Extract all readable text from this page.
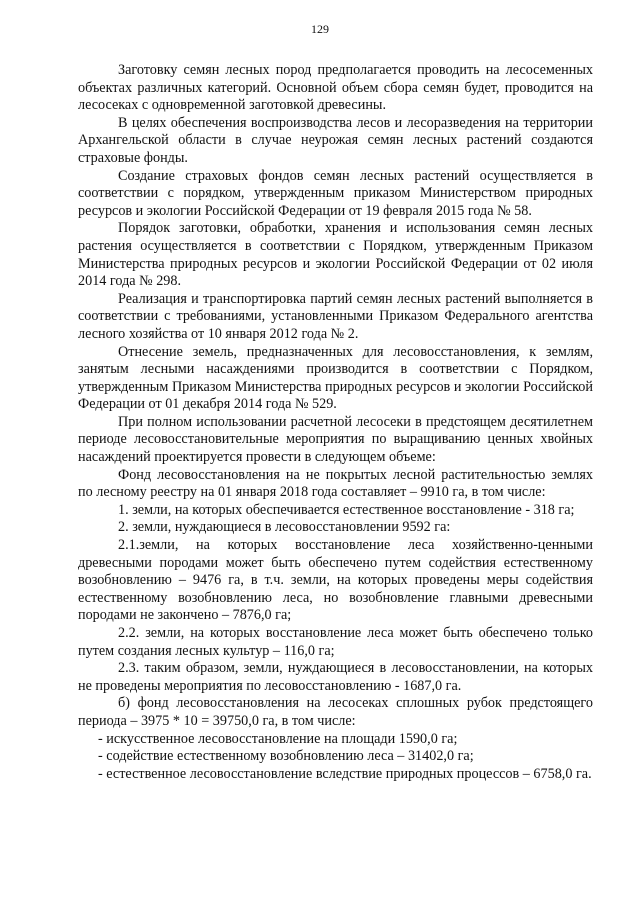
129

Заготовку семян лесных пород предполагается проводить на лесосеменных объектах различных категорий. Основной объем сбора семян будет, проводится на лесосеках с одновременной заготовкой древесины.

В целях обеспечения воспроизводства лесов и лесоразведения на территории Архангельской области в случае неурожая семян лесных растений создаются страховые фонды.

Создание страховых фондов семян лесных растений осуществляется в соответствии с порядком, утвержденным приказом Министерством природных ресурсов и экологии Российской Федерации от 19 февраля 2015 года № 58.

Порядок заготовки, обработки, хранения и использования семян лесных растения осуществляется в соответствии с Порядком, утвержденным Приказом Министерства природных ресурсов и экологии Российской Федерации от 02 июля 2014 года № 298.

Реализация и транспортировка партий семян лесных растений выполняется в соответствии с требованиями, установленными Приказом Федерального агентства лесного хозяйства от 10 января 2012 года № 2.

Отнесение земель, предназначенных для лесовосстановления, к землям, занятым лесными насаждениями производится в соответствии с Порядком, утвержденным Приказом Министерства природных ресурсов и экологии Российской Федерации от 01 декабря 2014 года № 529.

При полном использовании расчетной лесосеки в предстоящем десятилетнем периоде лесовосстановительные мероприятия по выращиванию ценных хвойных насаждений проектируется провести в следующем объеме:

Фонд лесовосстановления на не покрытых лесной растительностью землях по лесному реестру на 01 января 2018 года составляет – 9910 га, в том числе:

1. земли, на которых обеспечивается естественное восстановление - 318 га;

2. земли, нуждающиеся в лесовосстановлении 9592 га:

2.1.земли, на которых восстановление леса хозяйственно-ценными древесными породами может быть обеспечено путем содействия естественному возобновлению – 9476 га, в т.ч. земли, на которых проведены меры содействия естественному возобновлению леса, но возобновление главными древесными породами не закончено – 7876,0 га;

2.2. земли, на которых восстановление леса может быть обеспечено только путем создания лесных культур – 116,0 га;

2.3. таким образом, земли, нуждающиеся в лесовосстановлении, на которых не проведены мероприятия по лесовосстановлению - 1687,0 га.

б) фонд лесовосстановления на лесосеках сплошных рубок предстоящего периода – 3975 * 10 = 39750,0 га, в том числе:

- искусственное лесовосстановление на площади 1590,0 га;

- содействие естественному возобновлению леса – 31402,0 га;

- естественное лесовосстановление вследствие природных процессов – 6758,0 га.
